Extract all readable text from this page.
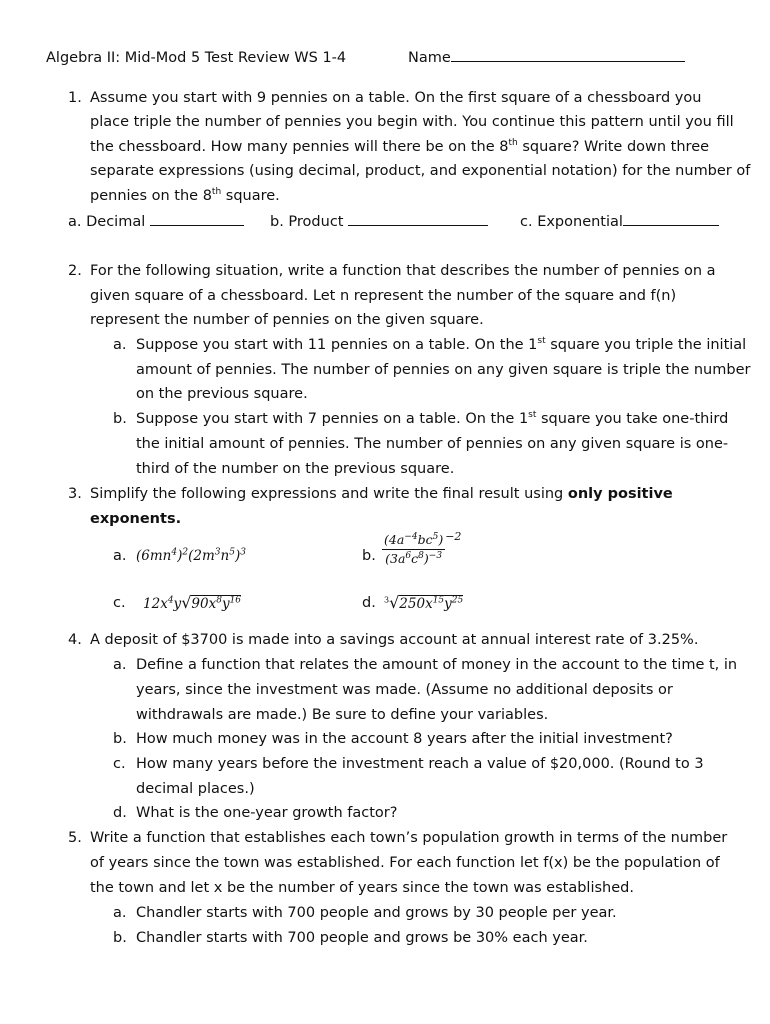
Algebra II: Mid-Mod 5 Test Review WS 1-4	Name
1. Assume you start with 9 pennies on a table. On the first square of a chessboard you
place triple the number of pennies you begin with. You continue this pattern until you fill
the chessboard. How many pennies will there be on the 8th square? Write down three
separate expressions (using decimal, product, and exponential notation) for the number of
pennies on the 8th square.
a. Decimal	b. Product	c. Exponential
2. For the following situation, write a function that describes the number of pennies on a
given square of a chessboard. Let n represent the number of the square and f(n)
represent the number of pennies on the given square.
a. Suppose you start with 11 pennies on a table. On the 1st square you triple the initial
amount of pennies. The number of pennies on any given square is triple the number
on the previous square.
b. Suppose you start with 7 pennies on a table. On the 1st square you take one-third
the initial amount of pennies. The number of pennies on any given square is one-
third of the number on the previous square.
3. Simplify the following expressions and write the final result using only positive
exponents.
a. $(6mn^4)^2(2m^3n^5)^3$	b. $\frac{(4a^{-4}bc^5)}{(3a^6c^8)^{-3}} ^{-2}$
c. $12x^4y√90x^8y^{16}$	d. $^3√250x^{15}y^{25}$
4. A deposit of $3700 is made into a savings account at annual interest rate of 3.25%.
a. Define a function that relates the amount of money in the account to the time t, in
years, since the investment was made. (Assume no additional deposits or
withdrawals are made.) Be sure to define your variables.
b. How much money was in the account 8 years after the initial investment?
c. How many years before the investment reach a value of $20,000. (Round to 3
decimal places.)
d. What is the one-year growth factor?
5. Write a function that establishes each town’s population growth in terms of the number
of years since the town was established. For each function let f(x) be the population of
the town and let x be the number of years since the town was established.
a. Chandler starts with 700 people and grows by 30 people per year.
b. Chandler starts with 700 people and grows be 30% each year.
